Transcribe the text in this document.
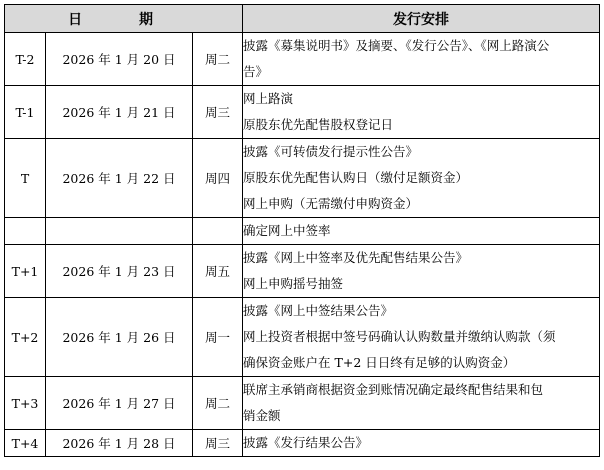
日 期			发行安排
T-2	2026 年 1 月 20 日	周二	披露《募集说明书》及摘要、《发行公告》、《网上路演公
告》

T-1	2026 年 1 月 21 日	周三	网上路演
原股东优先配售股权登记日

T	2026 年 1 月 22 日	周四	披露《可转债发行提示性公告》
原股东优先配售认购日（缴付足额资金）
网上申购（无需缴付申购资金）

			确定网上中签率

T+1	2026 年 1 月 23 日	周五	披露《网上中签率及优先配售结果公告》
网上申购摇号抽签

T+2	2026 年 1 月 26 日	周一	披露《网上中签结果公告》
网上投资者根据中签号码确认认购数量并缴纳认购款（须
确保资金账户在 T+2 日日终有足够的认购资金）

T+3	2026 年 1 月 27 日	周二	联席主承销商根据资金到账情况确定最终配售结果和包
销金额

T+4	2026 年 1 月 28 日	周三	披露《发行结果公告》
